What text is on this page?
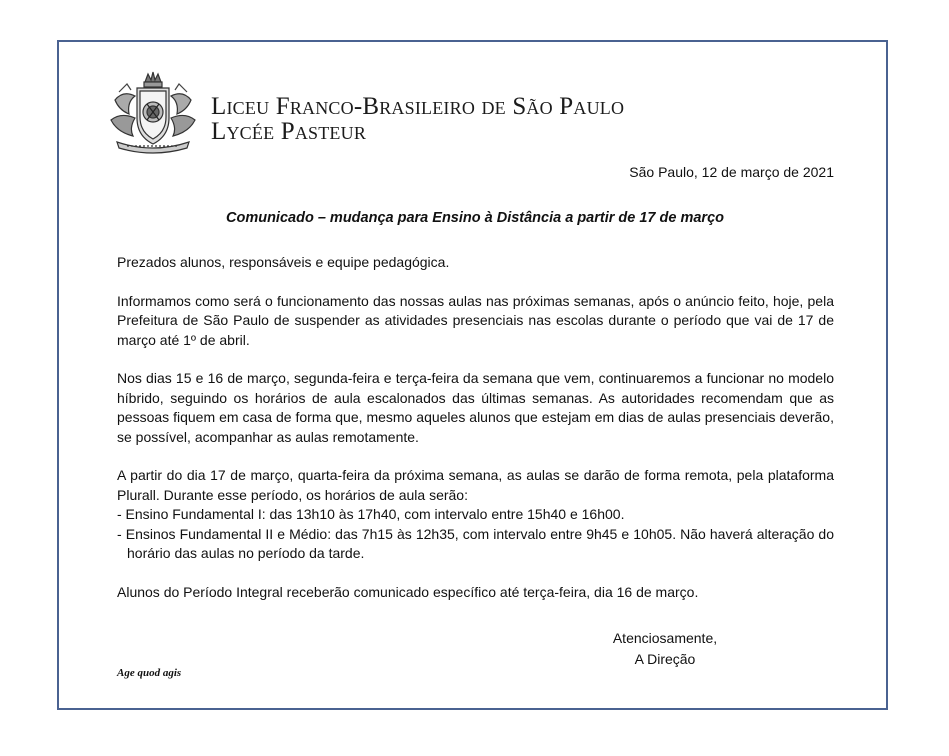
Liceu Franco-Brasileiro de São Paulo
Lycée Pasteur
São Paulo, 12 de março de 2021
Comunicado – mudança para Ensino à Distância a partir de 17 de março

Prezados alunos, responsáveis e equipe pedagógica.

Informamos como será o funcionamento das nossas aulas nas próximas semanas, após o anúncio feito, hoje, pela Prefeitura de São Paulo de suspender as atividades presenciais nas escolas durante o período que vai de 17 de março até 1º de abril.

Nos dias 15 e 16 de março, segunda-feira e terça-feira da semana que vem, continuaremos a funcionar no modelo híbrido, seguindo os horários de aula escalonados das últimas semanas. As autoridades recomendam que as pessoas fiquem em casa de forma que, mesmo aqueles alunos que estejam em dias de aulas presenciais deverão, se possível, acompanhar as aulas remotamente.

A partir do dia 17 de março, quarta-feira da próxima semana, as aulas se darão de forma remota, pela plataforma Plurall. Durante esse período, os horários de aula serão:

- Ensino Fundamental I: das 13h10 às 17h40, com intervalo entre 15h40 e 16h00.
- Ensinos Fundamental II e Médio: das 7h15 às 12h35, com intervalo entre 9h45 e 10h05. Não haverá alteração do horário das aulas no período da tarde.

Alunos do Período Integral receberão comunicado específico até terça-feira, dia 16 de março.

Atenciosamente,
A Direção
Age quod agis
